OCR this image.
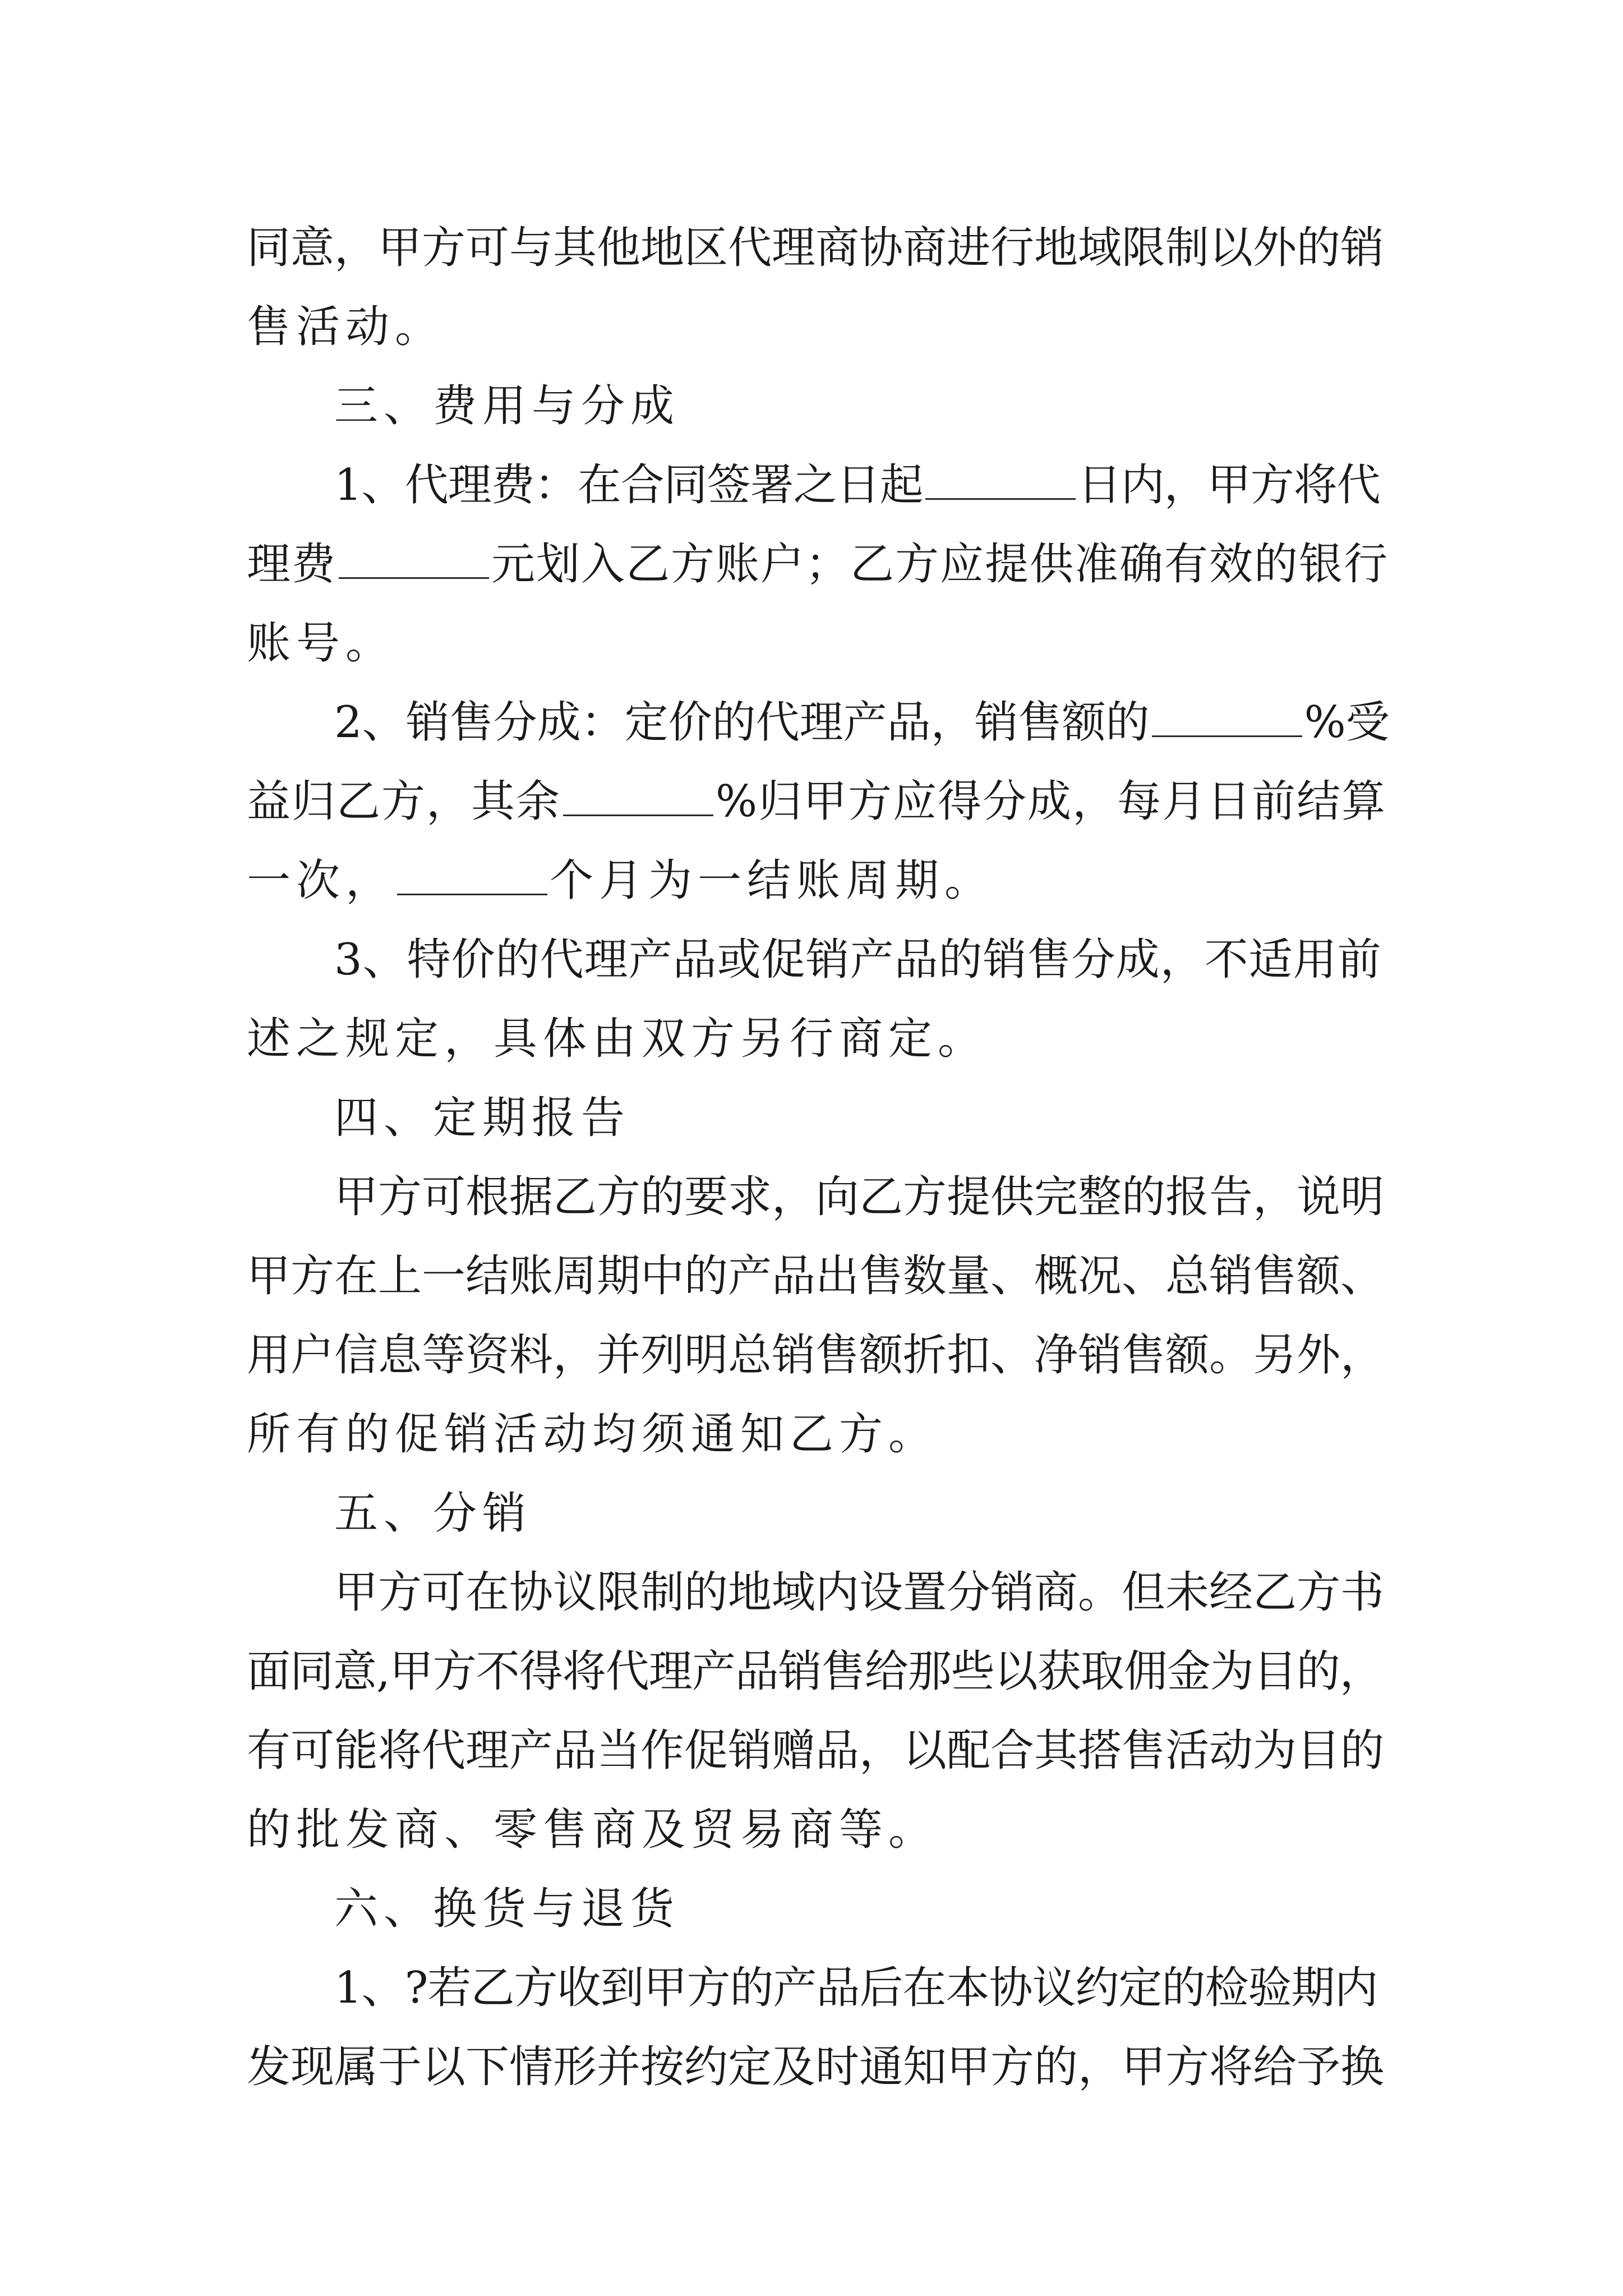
同意，甲方可与其他地区代理商协商进行地域限制以外的销
售活动。
三、费用与分成
1、代理费：在合同签署之日起	日内，甲方将代
理费	元划入乙方账户；乙方应提供准确有效的银行
账号。
2、销售分成：定价的代理产品，销售额的	%受
益归乙方，其余	%归甲方应得分成，每月日前结算
一次，	个月为一结账周期。
3、特价的代理产品或促销产品的销售分成，不适用前
述之规定，具体由双方另行商定。
四、定期报告
甲方可根据乙方的要求，向乙方提供完整的报告，说明
甲方在上一结账周期中的产品出售数量、概况、总销售额、
用户信息等资料，并列明总销售额折扣、净销售额。另外，
所有的促销活动均须通知乙方。
五、分销
甲方可在协议限制的地域内设置分销商。但未经乙方书
面同意,甲方不得将代理产品销售给那些以获取佣金为目的，
有可能将代理产品当作促销赠品，以配合其搭售活动为目的
的批发商、零售商及贸易商等。
六、换货与退货
1、?若乙方收到甲方的产品后在本协议约定的检验期内
发现属于以下情形并按约定及时通知甲方的，甲方将给予换
